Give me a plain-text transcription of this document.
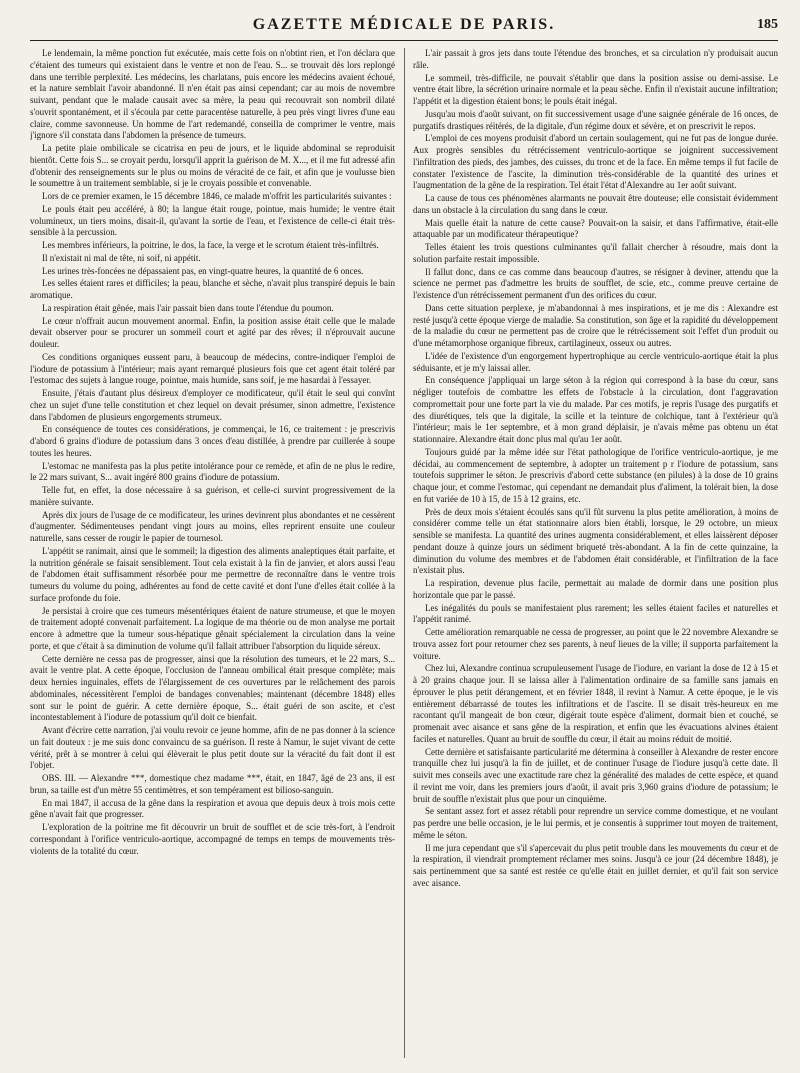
GAZETTE MÉDICALE DE PARIS.	185

Le lendemain, la même ponction fut exécutée, mais cette fois on n'obtint rien, et l'on déclara que c'étaient des tumeurs qui existaient dans le ventre et non de l'eau. S... se trouvait dès lors replongé dans une terrible perplexité. Les médecins, les charlatans, puis encore les médecins avaient échoué, et la nature semblait l'avoir abandonné. Il n'en était pas ainsi cependant; car au mois de novembre suivant, pendant que le malade causait avec sa mère, la peau qui recouvrait son nombril dilaté s'ouvrit spontanément, et il s'écoula par cette paracentèse naturelle, à peu près vingt livres d'une eau claire, comme savonneuse. Un homme de l'art redemandé, conseilla de comprimer le ventre, mais j'ignore s'il constata dans l'abdomen la présence de tumeurs.

La petite plaie ombilicale se cicatrisa en peu de jours, et le liquide abdominal se reproduisit bientôt. Cette fois S... se croyait perdu, lorsqu'il apprit la guérison de M. X..., et il me fut adressé afin d'obtenir des renseignements sur le plus ou moins de véracité de ce fait, et afin que je voulusse bien le soumettre à un traitement semblable, si je le croyais possible et convenable.

Lors de ce premier examen, le 15 décembre 1846, ce malade m'offrit les particularités suivantes :

Le pouls était peu accéléré, à 80; la langue était rouge, pointue, mais humide; le ventre était volumineux, un tiers moins, disait-il, qu'avant la sortie de l'eau, et l'existence de celle-ci était très-sensible à la percussion.

Les membres inférieurs, la poitrine, le dos, la face, la verge et le scrotum étaient très-infiltrés.

Il n'existait ni mal de tête, ni soif, ni appétit.

Les urines très-foncées ne dépassaient pas, en vingt-quatre heures, la quantité de 6 onces.

Les selles étaient rares et difficiles; la peau, blanche et sèche, n'avait plus transpiré depuis le bain aromatique.

La respiration était gênée, mais l'air passait bien dans toute l'étendue du poumon.

Le cœur n'offrait aucun mouvement anormal. Enfin, la position assise était celle que le malade devait observer pour se procurer un sommeil court et agité par des rêves; il n'éprouvait aucune douleur.

Ces conditions organiques eussent paru, à beaucoup de médecins, contre-indiquer l'emploi de l'iodure de potassium à l'intérieur; mais ayant remarqué plusieurs fois que cet agent était toléré par l'estomac des sujets à langue rouge, pointue, mais humide, sans soif, je me hasardai à l'essayer.

Ensuite, j'étais d'autant plus désireux d'employer ce modificateur, qu'il était le seul qui convînt chez un sujet d'une telle constitution et chez lequel on devait présumer, sinon admettre, l'existence dans l'abdomen de plusieurs engorgements strumeux.

En conséquence de toutes ces considérations, je commençai, le 16, ce traitement : je prescrivis d'abord 6 grains d'iodure de potassium dans 3 onces d'eau distillée, à prendre par cuillerée à soupe toutes les heures.

L'estomac ne manifesta pas la plus petite intolérance pour ce remède, et afin de ne plus le redire, le 22 mars suivant, S... avait ingéré 800 grains d'iodure de potassium.

Telle fut, en effet, la dose nécessaire à sa guérison, et celle-ci survint progressivement de la manière suivante.

Après dix jours de l'usage de ce modificateur, les urines devinrent plus abondantes et ne cessèrent d'augmenter. Sédimenteuses pendant vingt jours au moins, elles reprirent ensuite une couleur naturelle, sans cesser de rougir le papier de tournesol.

L'appétit se ranimait, ainsi que le sommeil; la digestion des aliments analeptiques était parfaite, et la nutrition générale se faisait sensiblement. Tout cela existait à la fin de janvier, et alors aussi l'eau de l'abdomen était suffisamment résorbée pour me permettre de reconnaître dans le ventre trois tumeurs du volume du poing, adhérentes au fond de cette cavité et dont l'une d'elles était collée à la surface profonde du foie.

Je persistai à croire que ces tumeurs mésentériques étaient de nature strumeuse, et que le moyen de traitement adopté convenait parfaitement. La logique de ma théorie ou de mon analyse me portait encore à admettre que la tumeur sous-hépatique gênait spécialement la circulation dans la veine porte, et que c'était à sa diminution de volume qu'il fallait attribuer l'absorption du liquide séreux.

Cette dernière ne cessa pas de progresser, ainsi que la résolution des tumeurs, et le 22 mars, S... avait le ventre plat. A cette époque, l'occlusion de l'anneau ombilical était presque complète; mais deux hernies inguinales, effets de l'élargissement de ces ouvertures par le relâchement des parois abdominales, nécessitèrent l'emploi de bandages convenables; maintenant (décembre 1848) elles sont sur le point de guérir. A cette dernière époque, S... était guéri de son ascite, et c'est incontestablement à l'iodure de potassium qu'il doit ce bienfait.

Avant d'écrire cette narration, j'ai voulu revoir ce jeune homme, afin de ne pas donner à la science un fait douteux : je me suis donc convaincu de sa guérison. Il reste à Namur, le sujet vivant de cette vérité, prêt à se montrer à celui qui élèverait le plus petit doute sur la véracité du fait dont il est l'objet.

OBS. III. — Alexandre ***, domestique chez madame ***, était, en 1847, âgé de 23 ans, il est brun, sa taille est d'un mètre 55 centimètres, et son tempérament est bilioso-sanguin.

En mai 1847, il accusa de la gêne dans la respiration et avoua que depuis deux à trois mois cette gêne n'avait fait que progresser.

L'exploration de la poitrine me fit découvrir un bruit de soufflet et de scie très-fort, à l'endroit correspondant à l'orifice ventriculo-aortique, accompagné de temps en temps de mouvements très-violents de la totalité du cœur.

L'air passait à gros jets dans toute l'étendue des bronches, et sa circulation n'y produisait aucun râle.

Le sommeil, très-difficile, ne pouvait s'établir que dans la position assise ou demi-assise. Le ventre était libre, la sécrétion urinaire normale et la peau sèche. Enfin il n'existait aucune infiltration; l'appétit et la digestion étaient bons; le pouls était inégal.

Jusqu'au mois d'août suivant, on fit successivement usage d'une saignée générale de 16 onces, de purgatifs drastiques réitérés, de la digitale, d'un régime doux et sévère, et on prescrivit le repos.

L'emploi de ces moyens produisit d'abord un certain soulagement, qui ne fut pas de longue durée. Aux progrès sensibles du rétrécissement ventriculo-aortique se joignirent successivement l'infiltration des pieds, des jambes, des cuisses, du tronc et de la face. En même temps il fut facile de constater l'existence de l'ascite, la diminution très-considérable de la quantité des urines et l'augmentation de la gêne de la respiration. Tel était l'état d'Alexandre au 1er août suivant.

La cause de tous ces phénomènes alarmants ne pouvait être douteuse; elle consistait évidemment dans un obstacle à la circulation du sang dans le cœur.

Mais quelle était la nature de cette cause? Pouvait-on la saisir, et dans l'affirmative, était-elle attaquable par un modificateur thérapeutique?

Telles étaient les trois questions culminantes qu'il fallait chercher à résoudre, mais dont la solution parfaite restait impossible.

Il fallut donc, dans ce cas comme dans beaucoup d'autres, se résigner à deviner, attendu que la science ne permet pas d'admettre les bruits de soufflet, de scie, etc., comme preuve certaine de l'existence d'un rétrécissement permanent d'un des orifices du cœur.

Dans cette situation perplexe, je m'abandonnai à mes inspirations, et je me dis : Alexandre est resté jusqu'à cette époque vierge de maladie. Sa constitution, son âge et la rapidité du développement de la maladie du cœur ne permettent pas de croire que le rétrécissement soit l'effet d'un produit ou d'une métamorphose organique fibreux, cartilagineux, osseux ou autres.

L'idée de l'existence d'un engorgement hypertrophique au cercle ventriculo-aortique était la plus séduisante, et je m'y laissai aller.

En conséquence j'appliquai un large séton à la région qui correspond à la base du cœur, sans négliger toutefois de combattre les effets de l'obstacle à la circulation, dont l'aggravation compromettait pour une forte part la vie du malade. Par ces motifs, je repris l'usage des purgatifs et des diurétiques, tels que la digitale, la scille et la teinture de colchique, tant à l'extérieur qu'à l'intérieur; mais le 1er septembre, et à mon grand déplaisir, je n'avais même pas obtenu un état stationnaire. Alexandre était donc plus mal qu'au 1er août.

Toujours guidé par la même idée sur l'état pathologique de l'orifice ventriculo-aortique, je me décidai, au commencement de septembre, à adopter un traitement p r l'iodure de potassium, sans toutefois supprimer le séton. Je prescrivis d'abord cette substance (en pilules) à la dose de 10 grains chaque jour, et comme l'estomac, qui cependant ne demandait plus d'aliment, la tolérait bien, la dose en fut variée de 10 à 15, de 15 à 12 grains, etc.

Près de deux mois s'étaient écoulés sans qu'il fût survenu la plus petite amélioration, à moins de considérer comme telle un état stationnaire alors bien établi, lorsque, le 29 octobre, un mieux sensible se manifesta. La quantité des urines augmenta considérablement, et elles laissèrent déposer pendant douze à quinze jours un sédiment briqueté très-abondant. A la fin de cette quinzaine, la diminution du volume des membres et de l'abdomen était considérable, et l'infiltration de la face n'existait plus.

La respiration, devenue plus facile, permettait au malade de dormir dans une position plus horizontale que par le passé.

Les inégalités du pouls se manifestaient plus rarement; les selles étaient faciles et naturelles et l'appétit ranimé.

Cette amélioration remarquable ne cessa de progresser, au point que le 22 novembre Alexandre se trouva assez fort pour retourner chez ses parents, à neuf lieues de la ville; il supporta parfaitement la voiture.

Chez lui, Alexandre continua scrupuleusement l'usage de l'iodure, en variant la dose de 12 à 15 et à 20 grains chaque jour. Il se laissa aller à l'alimentation ordinaire de sa famille sans jamais en éprouver le plus petit dérangement, et en février 1848, il revint à Namur. A cette époque, je le vis entièrement débarrassé de toutes les infiltrations et de l'ascite. Il se disait très-heureux en me racontant qu'il mangeait de bon cœur, digérait toute espèce d'aliment, dormait bien et couché, se promenait avec aisance et sans gêne de la respiration, et enfin que les évacuations alvines étaient faciles et naturelles. Quant au bruit de souffle du cœur, il était au moins réduit de moitié.

Cette dernière et satisfaisante particularité me détermina à conseiller à Alexandre de rester encore tranquille chez lui jusqu'à la fin de juillet, et de continuer l'usage de l'iodure jusqu'à cette date. Il suivit mes conseils avec une exactitude rare chez la généralité des malades de cette espèce, et quand il revint me voir, dans les premiers jours d'août, il avait pris 3,960 grains d'iodure de potassium; le bruit de souffle n'existait plus que pour un cinquième.

Se sentant assez fort et assez rétabli pour reprendre un service comme domestique, et ne voulant pas perdre une belle occasion, je le lui permis, et je consentis à supprimer tout moyen de traitement, même le séton.

Il me jura cependant que s'il s'apercevait du plus petit trouble dans les mouvements du cœur et de la respiration, il viendrait promptement réclamer mes soins. Jusqu'à ce jour (24 décembre 1848), je sais pertinemment que sa santé est restée ce qu'elle était en juillet dernier, et qu'il fait son service avec aisance.
